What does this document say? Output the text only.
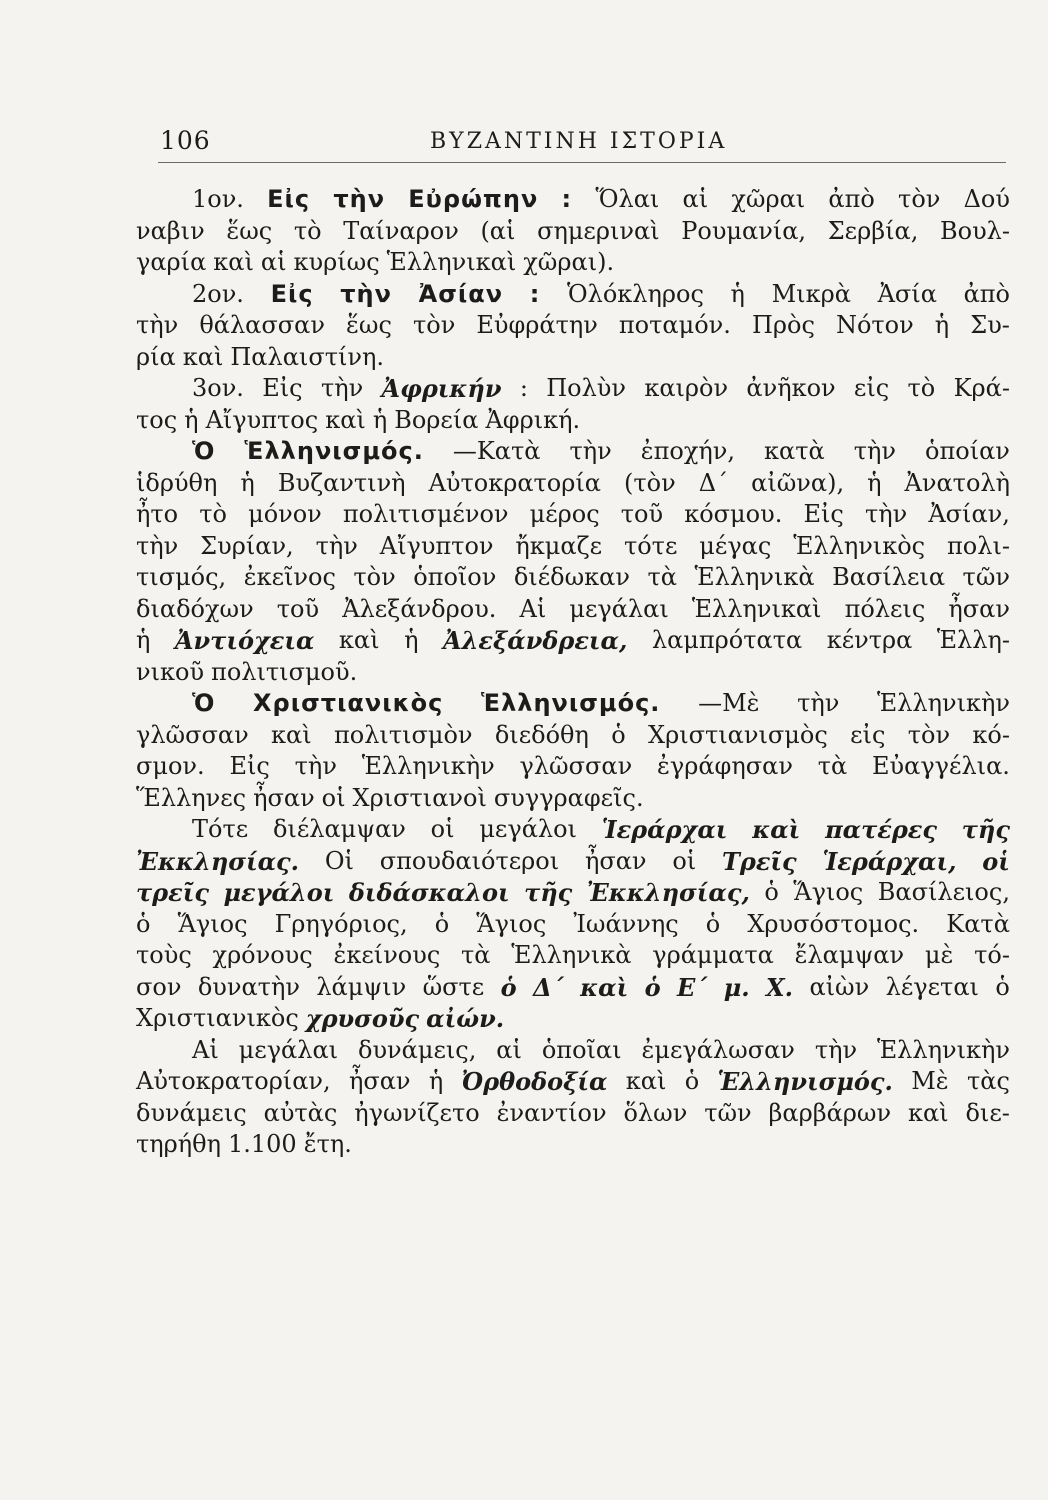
106	ΒΥΖΑΝΤΙΝΗ ΙΣΤΟΡΙΑ
1ον. Εἰς τὴν Εὐρώπην : Ὅλαι αἱ χῶραι ἀπὸ τὸν Δού
ναβιν ἕως τὸ Ταίναρον (αἱ σημεριναὶ Ρουμανία, Σερβία, Βουλ-
γαρία καὶ αἱ κυρίως Ἑλληνικαὶ χῶραι).
2ον. Εἰς τὴν Ἀσίαν : Ὁλόκληρος ἡ Μικρὰ Ἀσία ἀπὸ
τὴν θάλασσαν ἕως τὸν Εὐφράτην ποταμόν. Πρὸς Νότον ἡ Συ-
ρία καὶ Παλαιστίνη.
3ον. Εἰς τὴν Ἀφρικήν : Πολὺν καιρὸν ἀνῆκον εἰς τὸ Κρά-
τος ἡ Αἴγυπτος καὶ ἡ Βορεία Ἀφρική.
Ὁ Ἑλληνισμός. —Κατὰ τὴν ἐποχήν, κατὰ τὴν ὁποίαν
ἱδρύθη ἡ Βυζαντινὴ Αὐτοκρατορία (τὸν Δ΄ αἰῶνα), ἡ Ἀνατολὴ
ἦτο τὸ μόνον πολιτισμένον μέρος τοῦ κόσμου. Εἰς τὴν Ἀσίαν,
τὴν Συρίαν, τὴν Αἴγυπτον ἤκμαζε τότε μέγας Ἑλληνικὸς πολι-
τισμός, ἐκεῖνος τὸν ὁποῖον διέδωκαν τὰ Ἑλληνικὰ Βασίλεια τῶν
διαδόχων τοῦ Ἀλεξάνδρου. Αἱ μεγάλαι Ἑλληνικαὶ πόλεις ἦσαν
ἡ Ἀντιόχεια καὶ ἡ Ἀλεξάνδρεια, λαμπρότατα κέντρα Ἑλλη-
νικοῦ πολιτισμοῦ.
Ὁ Χριστιανικὸς Ἑλληνισμός. —Μὲ τὴν Ἑλληνικὴν
γλῶσσαν καὶ πολιτισμὸν διεδόθη ὁ Χριστιανισμὸς εἰς τὸν κό-
σμον. Εἰς τὴν Ἑλληνικὴν γλῶσσαν ἐγράφησαν τὰ Εὐαγγέλια.
Ἕλληνες ἦσαν οἱ Χριστιανοὶ συγγραφεῖς.
Τότε διέλαμψαν οἱ μεγάλοι Ἱεράρχαι καὶ πατέρες τῆς
Ἐκκλησίας. Οἱ σπουδαιότεροι ἦσαν οἱ Τρεῖς Ἱεράρχαι, οἱ
τρεῖς μεγάλοι διδάσκαλοι τῆς Ἐκκλησίας, ὁ Ἅγιος Βασίλειος,
ὁ Ἅγιος Γρηγόριος, ὁ Ἅγιος Ἰωάννης ὁ Χρυσόστομος. Κατὰ
τοὺς χρόνους ἐκείνους τὰ Ἑλληνικὰ γράμματα ἔλαμψαν μὲ τό-
σον δυνατὴν λάμψιν ὥστε ὁ Δ΄ καὶ ὁ Ε΄ μ. Χ. αἰὼν λέγεται ὁ
Χριστιανικὸς χρυσοῦς αἰών.
Αἱ μεγάλαι δυνάμεις, αἱ ὁποῖαι ἐμεγάλωσαν τὴν Ἑλληνικὴν
Αὐτοκρατορίαν, ἦσαν ἡ Ὀρθοδοξία καὶ ὁ Ἑλληνισμός. Μὲ τὰς
δυνάμεις αὐτὰς ἠγωνίζετο ἐναντίον ὅλων τῶν βαρβάρων καὶ διε-
τηρήθη 1.100 ἔτη.
